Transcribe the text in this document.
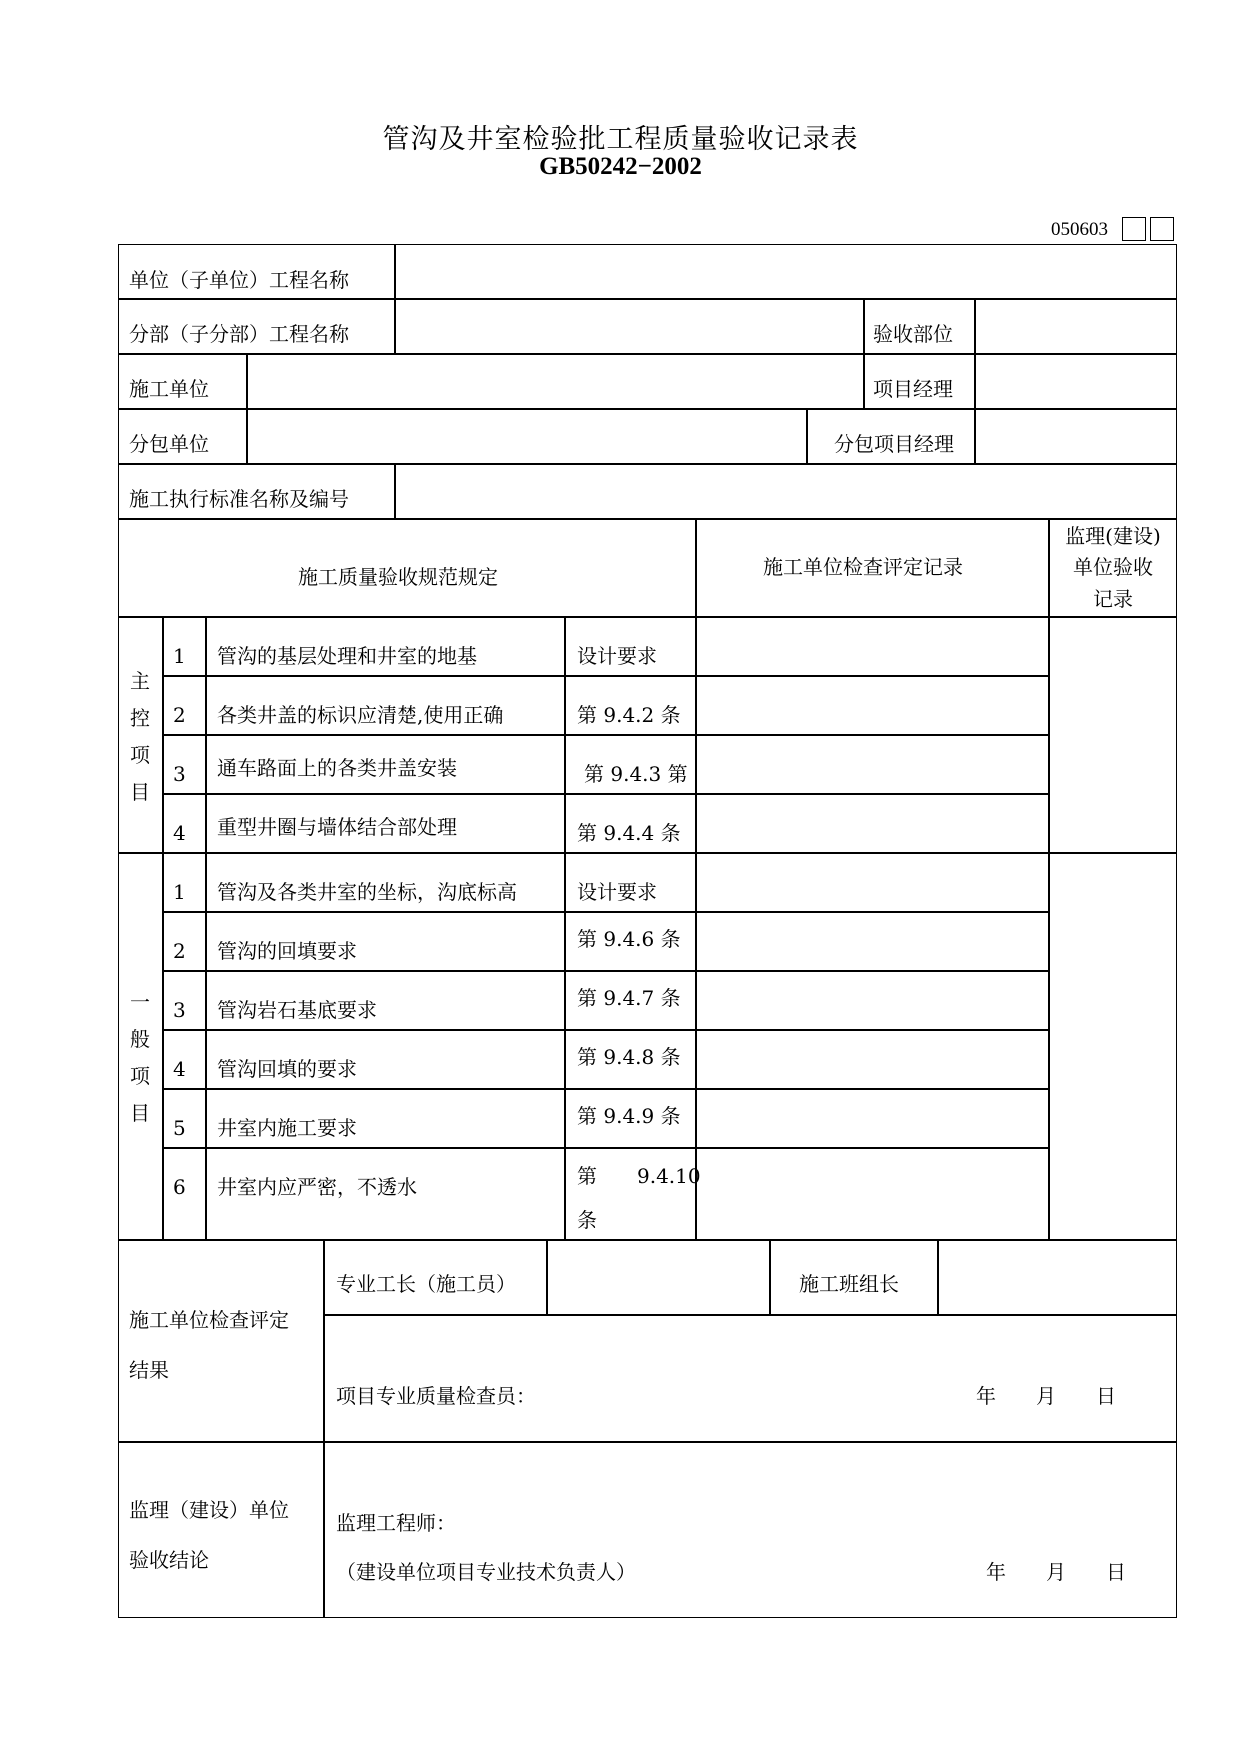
管沟及井室检验批工程质量验收记录表
GB50242−2002
050603
单位（子单位）工程名称
分部（子分部）工程名称	验收部位
施工单位	项目经理
分包单位	分包项目经理
施工执行标准名称及编号
施工质量验收规范规定	施工单位检查评定记录
监理(建设)
单位验收
记录
主
控
项
目
1 管沟的基层处理和井室的地基	设计要求
2 各类井盖的标识应清楚,使用正确	第 9.4.2 条
3 通车路面上的各类井盖安装	第 9.4.3 第
4 重型井圈与墙体结合部处理	第 9.4.4 条
一
般
项
目
1 管沟及各类井室的坐标，沟底标高	设计要求
2 管沟的回填要求	第 9.4.6 条
3 管沟岩石基底要求	第 9.4.7 条
4 管沟回填的要求	第 9.4.8 条
5 井室内施工要求	第 9.4.9 条
6 井室内应严密，不透水	第　　9.4.10
条
施工单位检查评定
结果
专业工长（施工员）	施工班组长
项目专业质量检查员：	年　　月　　日
监理（建设）单位
验收结论
监理工程师：
（建设单位项目专业技术负责人）	年　　月　　日
